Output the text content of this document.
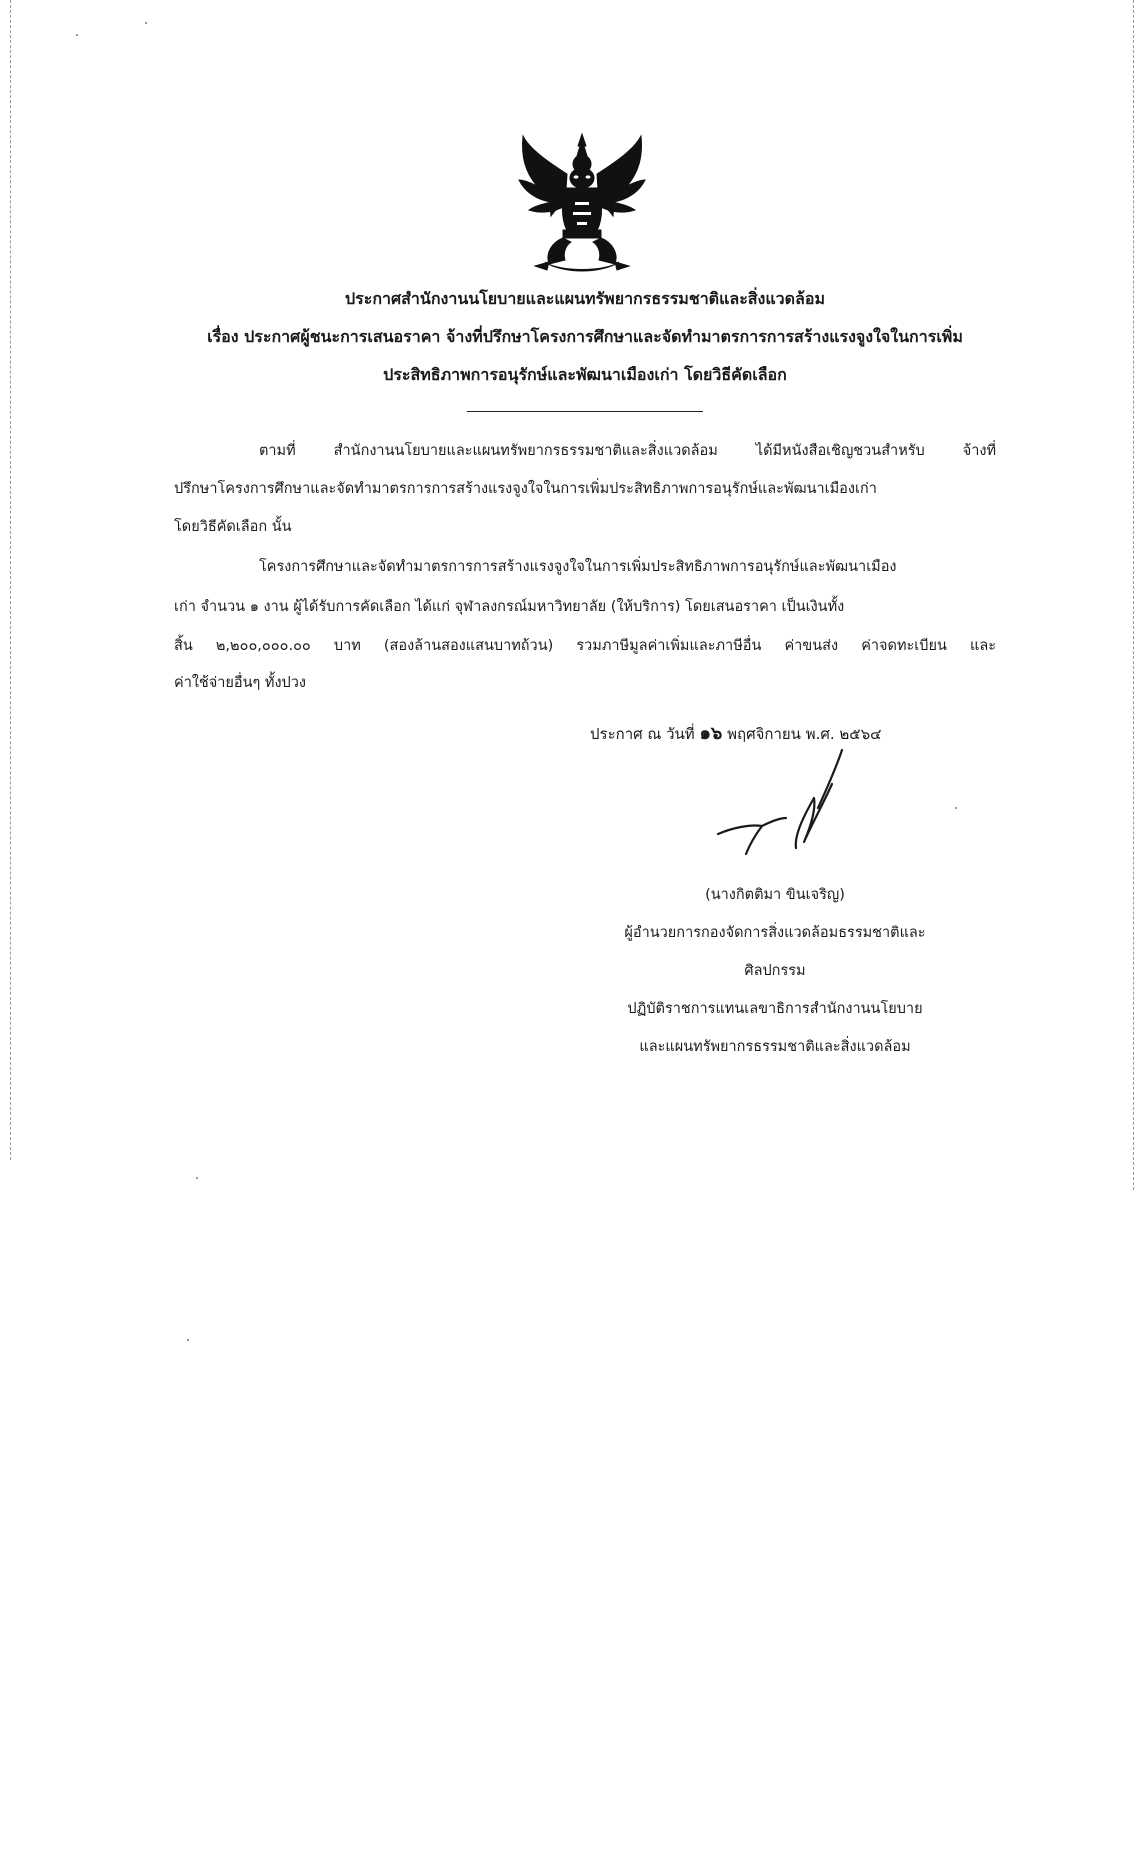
ประกาศสำนักงานนโยบายและแผนทรัพยากรธรรมชาติและสิ่งแวดล้อม
เรื่อง ประกาศผู้ชนะการเสนอราคา จ้างที่ปรึกษาโครงการศึกษาและจัดทำมาตรการการสร้างแรงจูงใจในการเพิ่ม
ประสิทธิภาพการอนุรักษ์และพัฒนาเมืองเก่า โดยวิธีคัดเลือก
ตามที่ สำนักงานนโยบายและแผนทรัพยากรธรรมชาติและสิ่งแวดล้อม ได้มีหนังสือเชิญชวนสำหรับ จ้างที่
ปรึกษาโครงการศึกษาและจัดทำมาตรการการสร้างแรงจูงใจในการเพิ่มประสิทธิภาพการอนุรักษ์และพัฒนาเมืองเก่า
โดยวิธีคัดเลือก นั้น
โครงการศึกษาและจัดทำมาตรการการสร้างแรงจูงใจในการเพิ่มประสิทธิภาพการอนุรักษ์และพัฒนาเมือง
เก่า จำนวน ๑ งาน ผู้ได้รับการคัดเลือก ได้แก่ จุฬาลงกรณ์มหาวิทยาลัย (ให้บริการ) โดยเสนอราคา เป็นเงินทั้ง
สิ้น ๒,๒๐๐,๐๐๐.๐๐ บาท (สองล้านสองแสนบาทถ้วน) รวมภาษีมูลค่าเพิ่มและภาษีอื่น ค่าขนส่ง ค่าจดทะเบียน และ
ค่าใช้จ่ายอื่นๆ ทั้งปวง
ประกาศ ณ วันที่ ๑๖ พฤศจิกายน พ.ศ. ๒๕๖๔
(นางกิตติมา ขินเจริญ)
ผู้อำนวยการกองจัดการสิ่งแวดล้อมธรรมชาติและ
ศิลปกรรม
ปฏิบัติราชการแทนเลขาธิการสำนักงานนโยบาย
และแผนทรัพยากรธรรมชาติและสิ่งแวดล้อม
